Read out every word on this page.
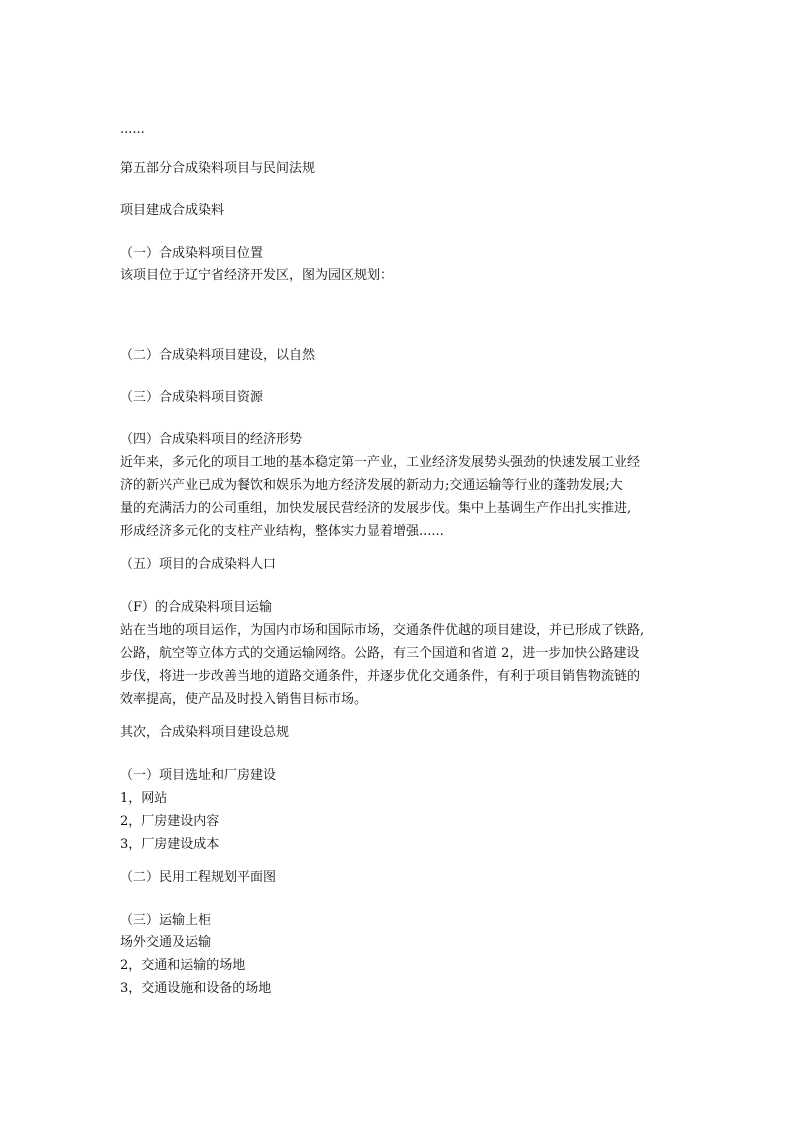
......
第五部分合成染料项目与民间法规
项目建成合成染料
（一）合成染料项目位置
该项目位于辽宁省经济开发区，图为园区规划：
（二）合成染料项目建设，以自然
（三）合成染料项目资源
（四）合成染料项目的经济形势
近年来，多元化的项目工地的基本稳定第一产业，工业经济发展势头强劲的快速发展工业经
济的新兴产业已成为餐饮和娱乐为地方经济发展的新动力;交通运输等行业的蓬勃发展;大
量的充满活力的公司重组，加快发展民营经济的发展步伐。集中上基调生产作出扎实推进,
形成经济多元化的支柱产业结构，整体实力显着增强......
（五）项目的合成染料人口
（F）的合成染料项目运输
站在当地的项目运作，为国内市场和国际市场，交通条件优越的项目建设，并已形成了铁路,
公路，航空等立体方式的交通运输网络。公路，有三个国道和省道 2，进一步加快公路建设
步伐，将进一步改善当地的道路交通条件，并逐步优化交通条件，有利于项目销售物流链的
效率提高，使产品及时投入销售目标市场。
其次，合成染料项目建设总规
（一）项目选址和厂房建设
1，网站
2，厂房建设内容
3，厂房建设成本
（二）民用工程规划平面图
（三）运输上柜
场外交通及运输
2，交通和运输的场地
3，交通设施和设备的场地
